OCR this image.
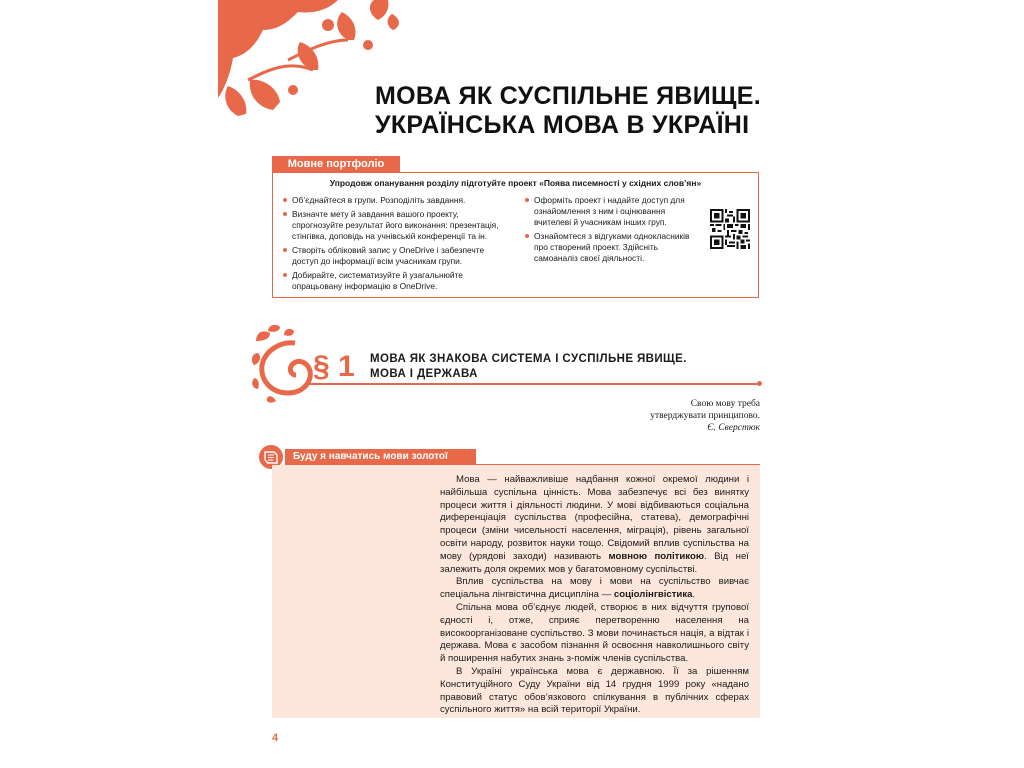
МОВА ЯК СУСПІЛЬНЕ ЯВИЩЕ.
УКРАЇНСЬКА МОВА В УКРАЇНІ
Мовне портфоліо
Упродовж опанування розділу підготуйте проект «Поява писемності у східних слов’ян»
Об’єднайтеся в групи. Розподіліть завдання.
Визначте мету й завдання вашого проекту, спрогнозуйте результат його виконання: презентація, стінгівка, доповідь на учнівській конференції та ін.
Створіть обліковий запис у OneDrive і забезпечте доступ до інформації всім учасникам групи.
Добирайте, систематизуйте й узагальнюйте опрацьовану інформацію в OneDrive.
Оформіть проект і надайте доступ для ознайомлення з ним і оцінювання вчителеві й учасникам інших груп.
Ознайомтеся з відгуками однокласників про створений проект. Здійсніть самоаналіз своєї діяльності.
§ 1 МОВА ЯК ЗНАКОВА СИСТЕМА І СУСПІЛЬНЕ ЯВИЩЕ.
МОВА І ДЕРЖАВА
Свою мову треба утверджувати принципово.
Є. Сверстюк
Буду я навчатись мови золотої

Мова — найважливіше надбання кожної окремої людини і найбільша суспільна цінність. Мова забезпечує всі без винятку процеси життя і діяльності людини. У мові відбиваються соціальна диференціація суспільства (професійна, статева), демографічні процеси (зміни чисельності населення, міграція), рівень загальної освіти народу, розвиток науки тощо. Свідомий вплив суспільства на мову (урядові заходи) називають мовною політикою. Від неї залежить доля окремих мов у багатомовному суспільстві.

Вплив суспільства на мову і мови на суспільство вивчає спеціальна лінгвістична дисципліна — соціолінгвістика.

Спільна мова об’єднує людей, створює в них відчуття групової єдності і, отже, сприяє перетворенню населення на високоорганізоване суспільство. З мови починається нація, а відтак і держава. Мова є засобом пізнання й освоєння навколишнього світу й поширення набутих знань з-поміж членів суспільства.

В Україні українська мова є державною. Її за рішенням Конституційного Суду України від 14 грудня 1999 року «надано правовий статус обов’язкового спілкування в публічних сферах суспільного життя» на всій території України.

4
